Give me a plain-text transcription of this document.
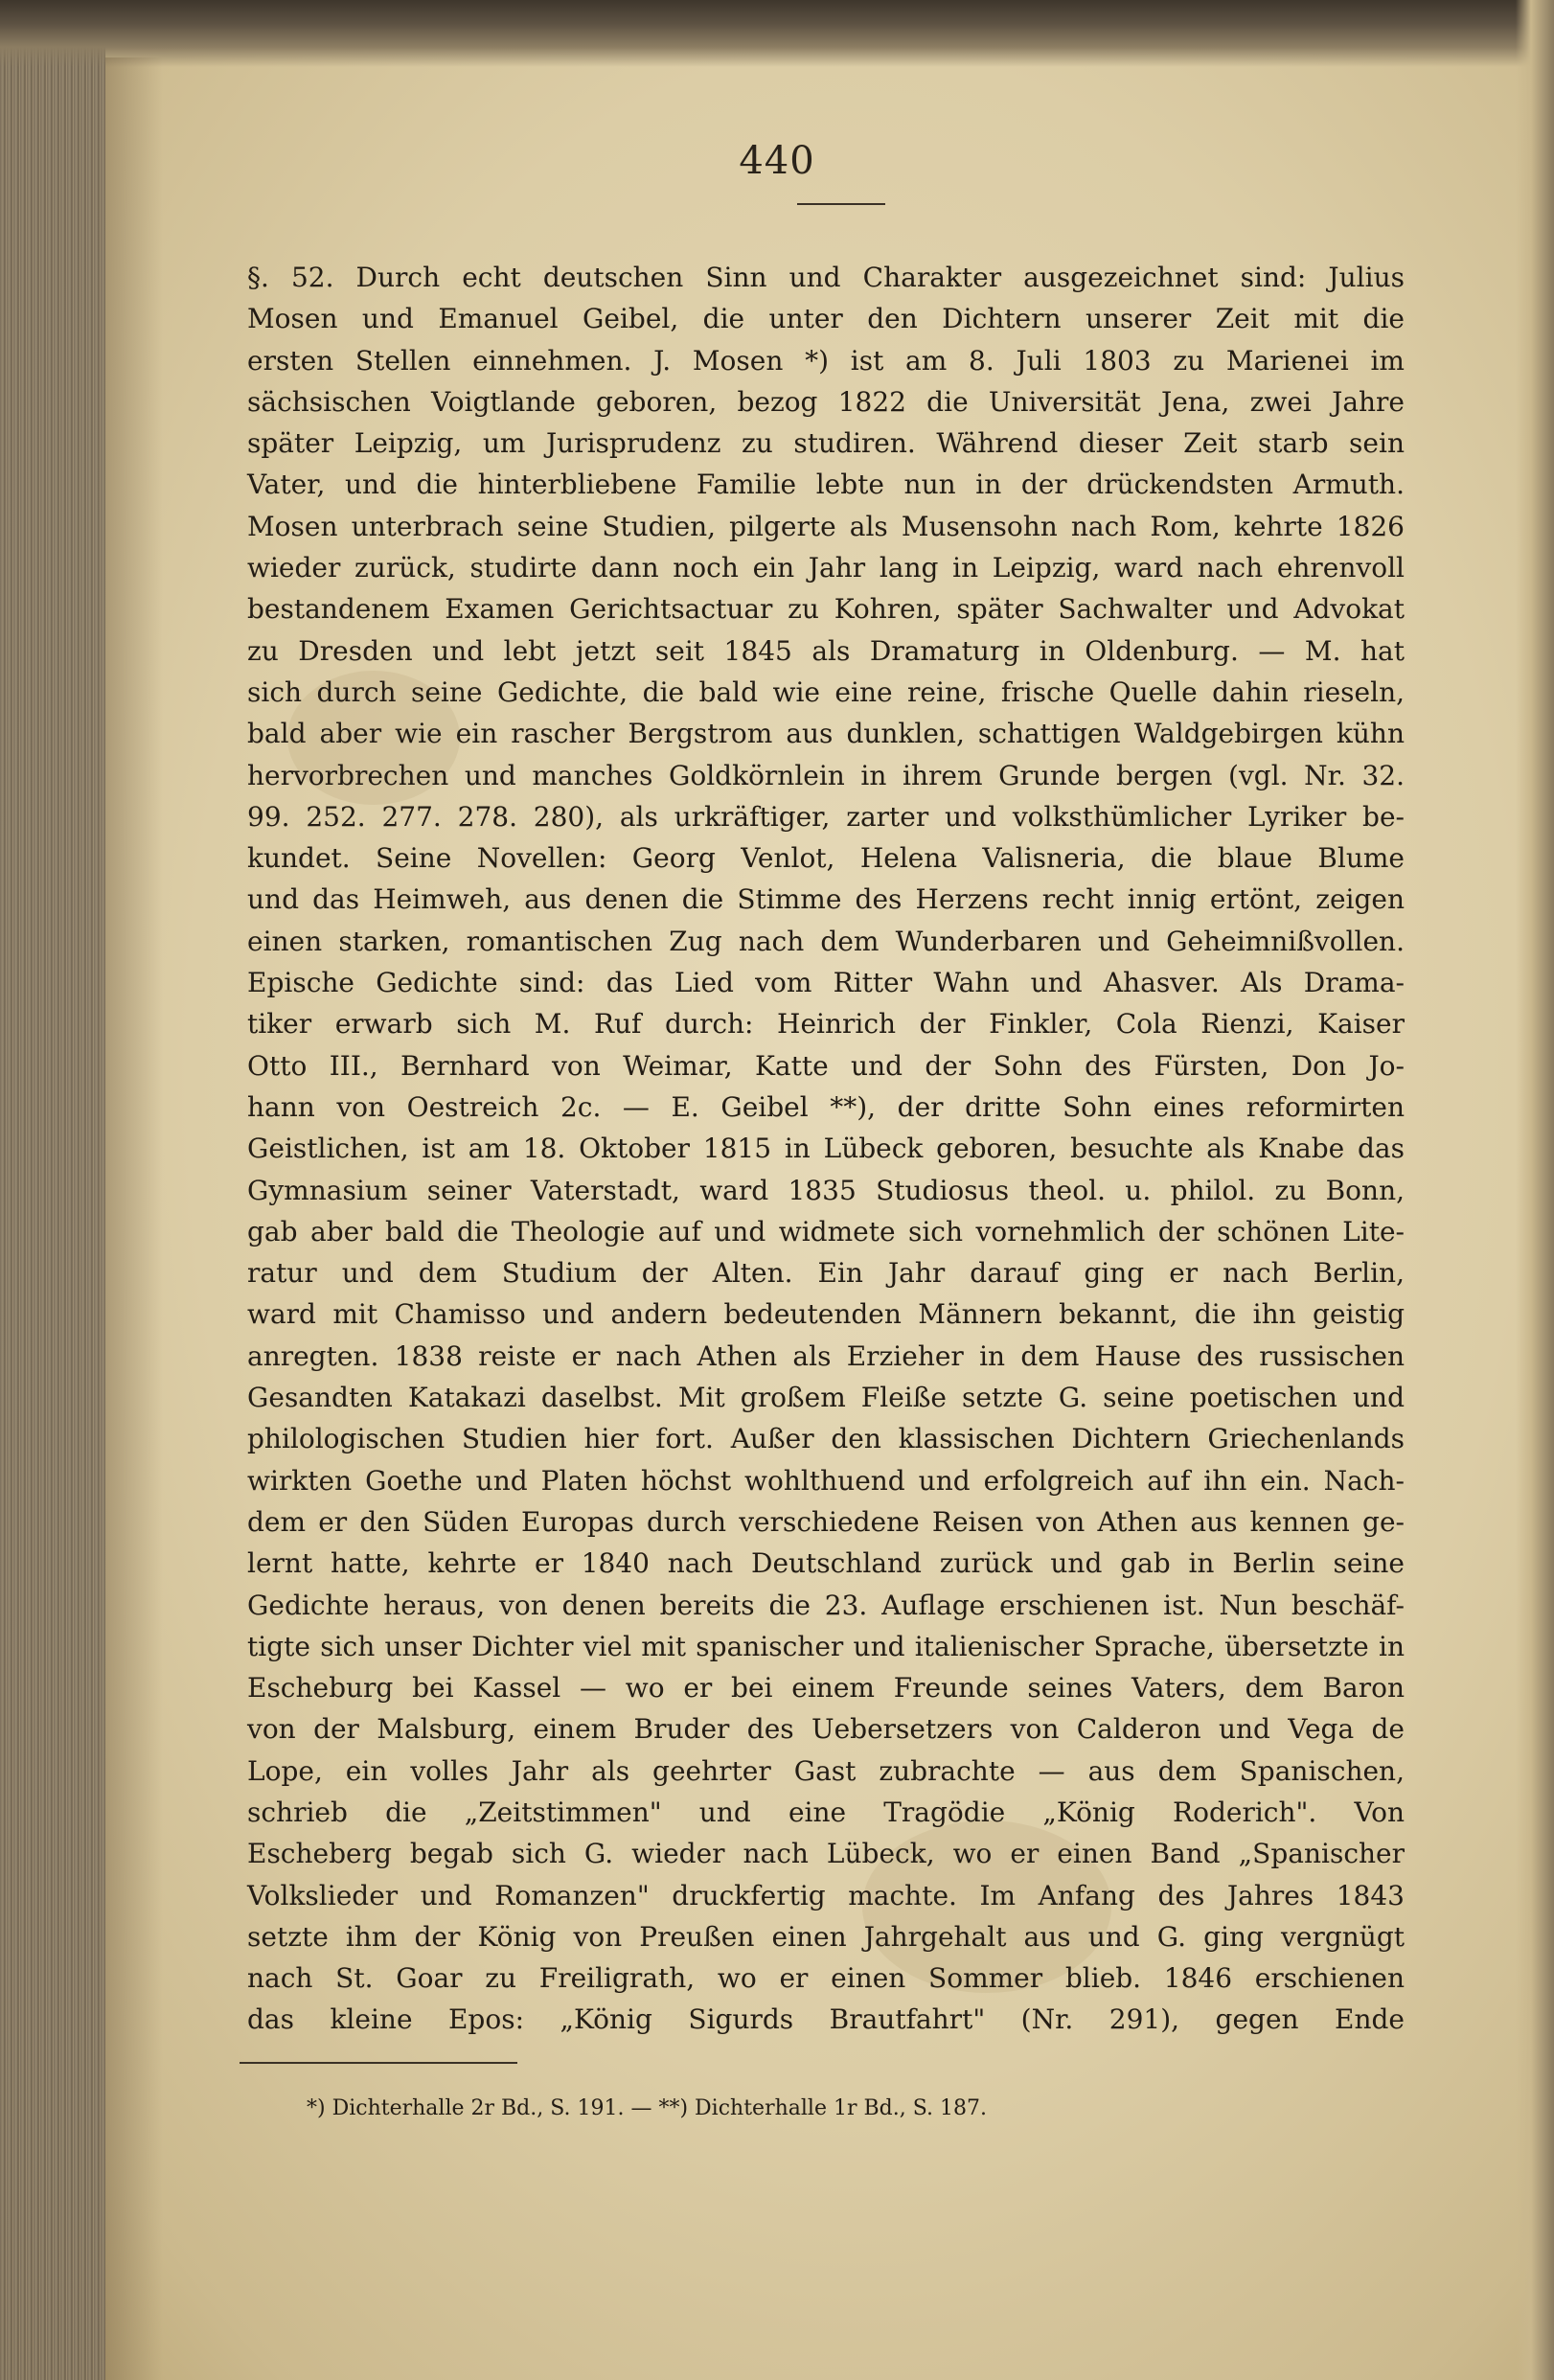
440
§. 52. Durch echt deutschen Sinn und Charakter ausgezeichnet sind: Julius
Mosen und Emanuel Geibel, die unter den Dichtern unserer Zeit mit die
ersten Stellen einnehmen. J. Mosen *) ist am 8. Juli 1803 zu Marienei im
sächsischen Voigtlande geboren, bezog 1822 die Universität Jena, zwei Jahre
später Leipzig, um Jurisprudenz zu studiren. Während dieser Zeit starb sein
Vater, und die hinterbliebene Familie lebte nun in der drückendsten Armuth.
Mosen unterbrach seine Studien, pilgerte als Musensohn nach Rom, kehrte 1826
wieder zurück, studirte dann noch ein Jahr lang in Leipzig, ward nach ehrenvoll
bestandenem Examen Gerichtsactuar zu Kohren, später Sachwalter und Advokat
zu Dresden und lebt jetzt seit 1845 als Dramaturg in Oldenburg. — M. hat
sich durch seine Gedichte, die bald wie eine reine, frische Quelle dahin rieseln,
bald aber wie ein rascher Bergstrom aus dunklen, schattigen Waldgebirgen kühn
hervorbrechen und manches Goldkörnlein in ihrem Grunde bergen (vgl. Nr. 32.
99. 252. 277. 278. 280), als urkräftiger, zarter und volksthümlicher Lyriker be-
kundet. Seine Novellen: Georg Venlot, Helena Valisneria, die blaue Blume
und das Heimweh, aus denen die Stimme des Herzens recht innig ertönt, zeigen
einen starken, romantischen Zug nach dem Wunderbaren und Geheimnißvollen.
Epische Gedichte sind: das Lied vom Ritter Wahn und Ahasver. Als Drama-
tiker erwarb sich M. Ruf durch: Heinrich der Finkler, Cola Rienzi, Kaiser
Otto III., Bernhard von Weimar, Katte und der Sohn des Fürsten, Don Jo-
hann von Oestreich 2c. — E. Geibel **), der dritte Sohn eines reformirten
Geistlichen, ist am 18. Oktober 1815 in Lübeck geboren, besuchte als Knabe das
Gymnasium seiner Vaterstadt, ward 1835 Studiosus theol. u. philol. zu Bonn,
gab aber bald die Theologie auf und widmete sich vornehmlich der schönen Lite-
ratur und dem Studium der Alten. Ein Jahr darauf ging er nach Berlin,
ward mit Chamisso und andern bedeutenden Männern bekannt, die ihn geistig
anregten. 1838 reiste er nach Athen als Erzieher in dem Hause des russischen
Gesandten Katakazi daselbst. Mit großem Fleiße setzte G. seine poetischen und
philologischen Studien hier fort. Außer den klassischen Dichtern Griechenlands
wirkten Goethe und Platen höchst wohlthuend und erfolgreich auf ihn ein. Nach-
dem er den Süden Europas durch verschiedene Reisen von Athen aus kennen ge-
lernt hatte, kehrte er 1840 nach Deutschland zurück und gab in Berlin seine
Gedichte heraus, von denen bereits die 23. Auflage erschienen ist. Nun beschäf-
tigte sich unser Dichter viel mit spanischer und italienischer Sprache, übersetzte in
Escheburg bei Kassel — wo er bei einem Freunde seines Vaters, dem Baron
von der Malsburg, einem Bruder des Uebersetzers von Calderon und Vega de
Lope, ein volles Jahr als geehrter Gast zubrachte — aus dem Spanischen,
schrieb die „Zeitstimmen" und eine Tragödie „König Roderich". Von
Escheberg begab sich G. wieder nach Lübeck, wo er einen Band „Spanischer
Volkslieder und Romanzen" druckfertig machte. Im Anfang des Jahres 1843
setzte ihm der König von Preußen einen Jahrgehalt aus und G. ging vergnügt
nach St. Goar zu Freiligrath, wo er einen Sommer blieb. 1846 erschienen
das kleine Epos: „König Sigurds Brautfahrt" (Nr. 291), gegen Ende
*) Dichterhalle 2r Bd., S. 191. — **) Dichterhalle 1r Bd., S. 187.
